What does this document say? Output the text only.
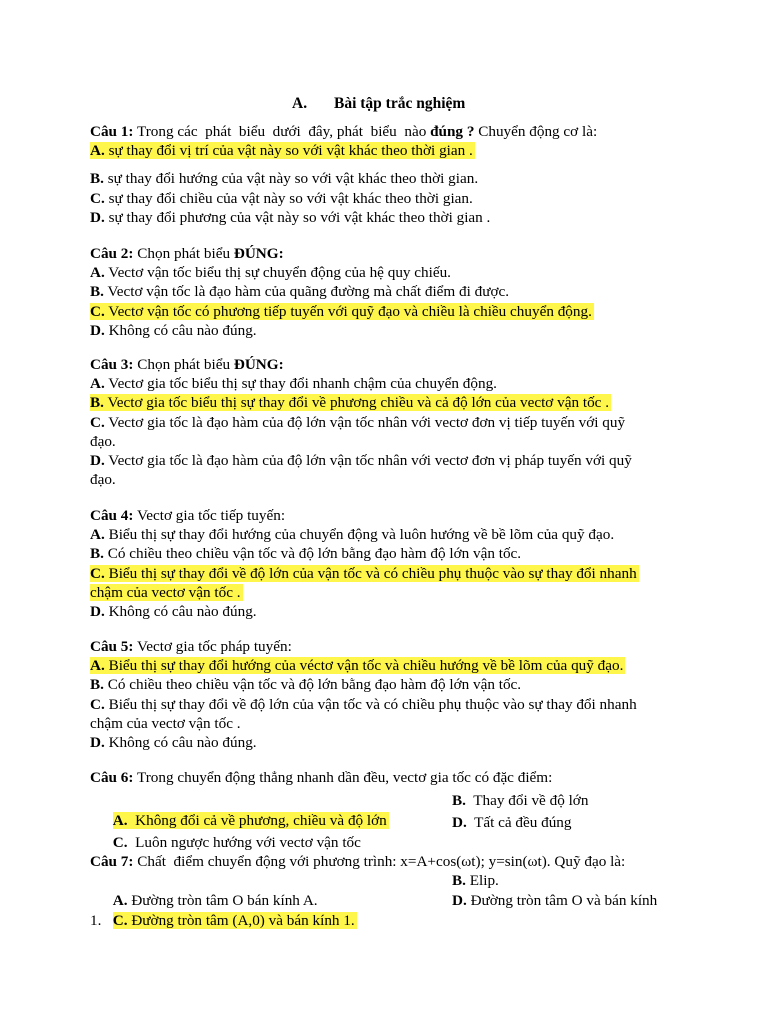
A. Bài tập trắc nghiệm
Câu 1: Trong các  phát  biểu  dưới  đây, phát  biểu  nào đúng ? Chuyển động cơ là:
A. sự thay đổi vị trí của vật này so với vật khác theo thời gian .
B. sự thay đổi hướng của vật này so với vật khác theo thời gian.
C. sự thay đổi chiều của vật này so với vật khác theo thời gian.
D. sự thay đổi phương của vật này so với vật khác theo thời gian .
Câu 2: Chọn phát biểu ĐÚNG:
A. Vectơ vận tốc biểu thị sự chuyển động của hệ quy chiếu.
B. Vectơ vận tốc là đạo hàm của quãng đường mà chất điểm đi được.
C. Vectơ vận tốc có phương tiếp tuyến với quỹ đạo và chiều là chiều chuyển động.
D. Không có câu nào đúng.
Câu 3: Chọn phát biểu ĐÚNG:
A. Vectơ gia tốc biểu thị sự thay đổi nhanh chậm của chuyển động.
B. Vectơ gia tốc biểu thị sự thay đổi về phương chiều và cả độ lớn của vectơ vận tốc .
C. Vectơ gia tốc là đạo hàm của độ lớn vận tốc nhân với vectơ đơn vị tiếp tuyến với quỹ
đạo.
D. Vectơ gia tốc là đạo hàm của độ lớn vận tốc nhân với vectơ đơn vị pháp tuyến với quỹ
đạo.
Câu 4: Vectơ gia tốc tiếp tuyến:
A. Biểu thị sự thay đổi hướng của chuyển động và luôn hướng về bề lõm của quỹ đạo.
B. Có chiều theo chiều vận tốc và độ lớn bằng đạo hàm độ lớn vận tốc.
C. Biểu thị sự thay đổi về độ lớn của vận tốc và có chiều phụ thuộc vào sự thay đổi nhanh
chậm của vectơ vận tốc .
D. Không có câu nào đúng.
Câu 5: Vectơ gia tốc pháp tuyến:
A. Biểu thị sự thay đổi hướng của véctơ vận tốc và chiều hướng về bề lõm của quỹ đạo.
B. Có chiều theo chiều vận tốc và độ lớn bằng đạo hàm độ lớn vận tốc.
C. Biểu thị sự thay đổi về độ lớn của vận tốc và có chiều phụ thuộc vào sự thay đổi nhanh
chậm của vectơ vận tốc .
D. Không có câu nào đúng.
Câu 6: Trong chuyển động thẳng nhanh dần đều, vectơ gia tốc có đặc điểm:

A.  Không đổi cả về phương, chiều và độ lớn

B.  Thay đổi về độ lớn

C.  Luôn ngược hướng với vectơ vận tốc

D.  Tất cả đều đúng

Câu 7: Chất  điểm chuyển động với phương trình: x=A+cos(ωt); y=sin(ωt). Quỹ đạo là:

A. Đường tròn tâm O bán kính A.

B. Elip.

C. Đường tròn tâm (A,0) và bán kính 1.

D. Đường tròn tâm O và bán kính

1.
